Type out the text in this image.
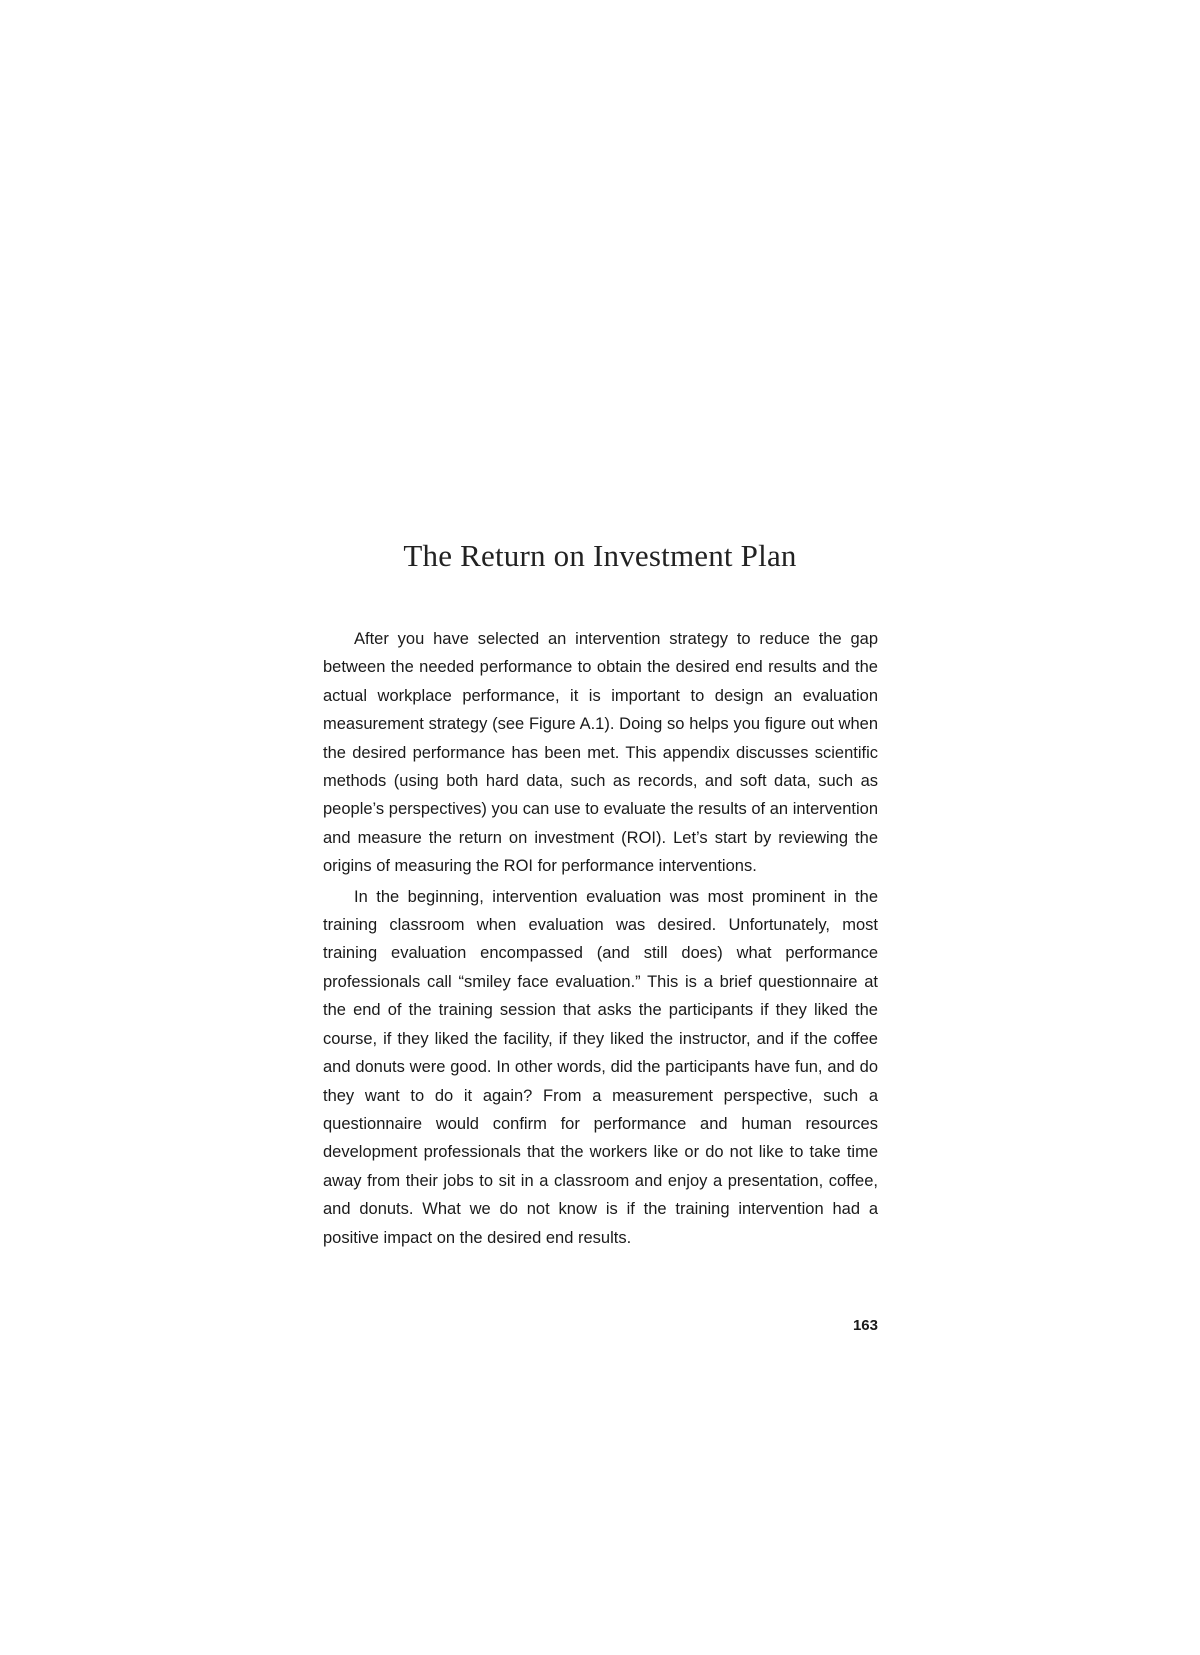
The Return on Investment Plan

After you have selected an intervention strategy to reduce the gap between the needed performance to obtain the desired end results and the actual workplace performance, it is important to design an evaluation measurement strategy (see Figure A.1). Doing so helps you figure out when the desired performance has been met. This appendix discusses scientific methods (using both hard data, such as records, and soft data, such as people’s perspectives) you can use to evaluate the results of an intervention and measure the return on investment (ROI). Let’s start by reviewing the origins of measuring the ROI for performance interventions.

In the beginning, intervention evaluation was most prominent in the training classroom when evaluation was desired. Unfortunately, most training evaluation encompassed (and still does) what performance professionals call “smiley face evaluation.” This is a brief questionnaire at the end of the training session that asks the participants if they liked the course, if they liked the facility, if they liked the instructor, and if the coffee and donuts were good. In other words, did the participants have fun, and do they want to do it again? From a measurement perspective, such a questionnaire would confirm for performance and human resources development professionals that the workers like or do not like to take time away from their jobs to sit in a classroom and enjoy a presentation, coffee, and donuts. What we do not know is if the training intervention had a positive impact on the desired end results.

163
